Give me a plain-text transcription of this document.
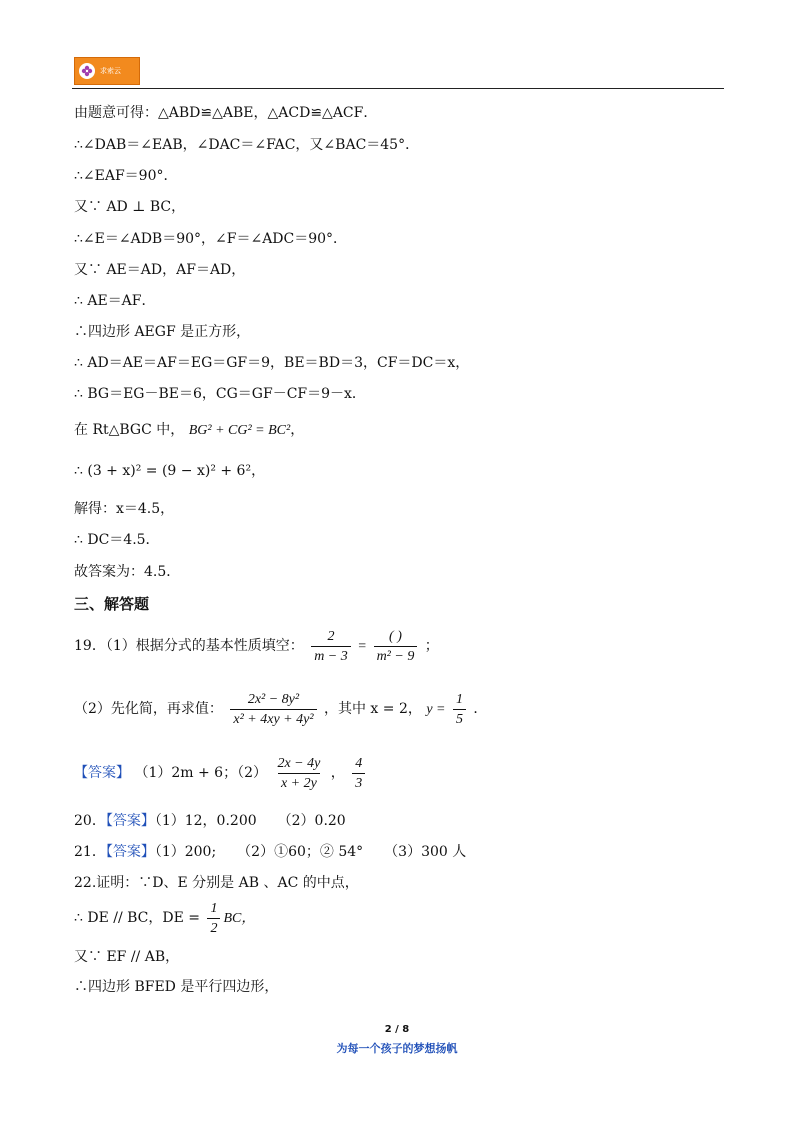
求索云
由题意可得：△ABD≌△ABE，△ACD≌△ACF．
∴∠DAB＝∠EAB，∠DAC＝∠FAC，又∠BAC＝45°．
∴∠EAF＝90°．
又∵ AD ⊥ BC，
∴∠E＝∠ADB＝90°，∠F＝∠ADC＝90°．
又∵ AE＝AD，AF＝AD，
∴ AE＝AF．
∴四边形 AEGF 是正方形，
∴ AD＝AE＝AF＝EG＝GF＝9，BE＝BD＝3，CF＝DC＝x，
∴ BG＝EG－BE＝6，CG＝GF－CF＝9－x．
在 Rt△BGC 中， BG² + CG² = BC²，
∴ (3 + x)² = (9 − x)² + 6²，
解得：x＝4.5，
∴ DC＝4.5．
故答案为：4.5．
三、解答题
19．（1）根据分式的基本性质填空： $\frac{2}{m - 3} = \frac{( )}{\text{m² − 9}}$ ；
（2）先化简，再求值： $\frac{\text{2x² − 8y²}}{\text{x² + 4xy + 4y²}}$ ，其中 x = 2， $y = \frac{1}{5}$ ．
【答案】 （1）2m + 6；$(2) \frac{2x - 4y}{x + 2y}$ ， $\frac{4}{3}$
20．【答案】（1）12，0.200　　（2）0.20
21．【答案】（1）200;　　（2）①60；② 54°　　（3）300 人
22.证明：∵D、E 分别是 AB 、AC 的中点，
∴ DE // BC，DE = $\frac{1}{2}$ BC，
又∵ EF // AB，
∴四边形 BFED 是平行四边形，
2 / 8
为每一个孩子的梦想扬帆
